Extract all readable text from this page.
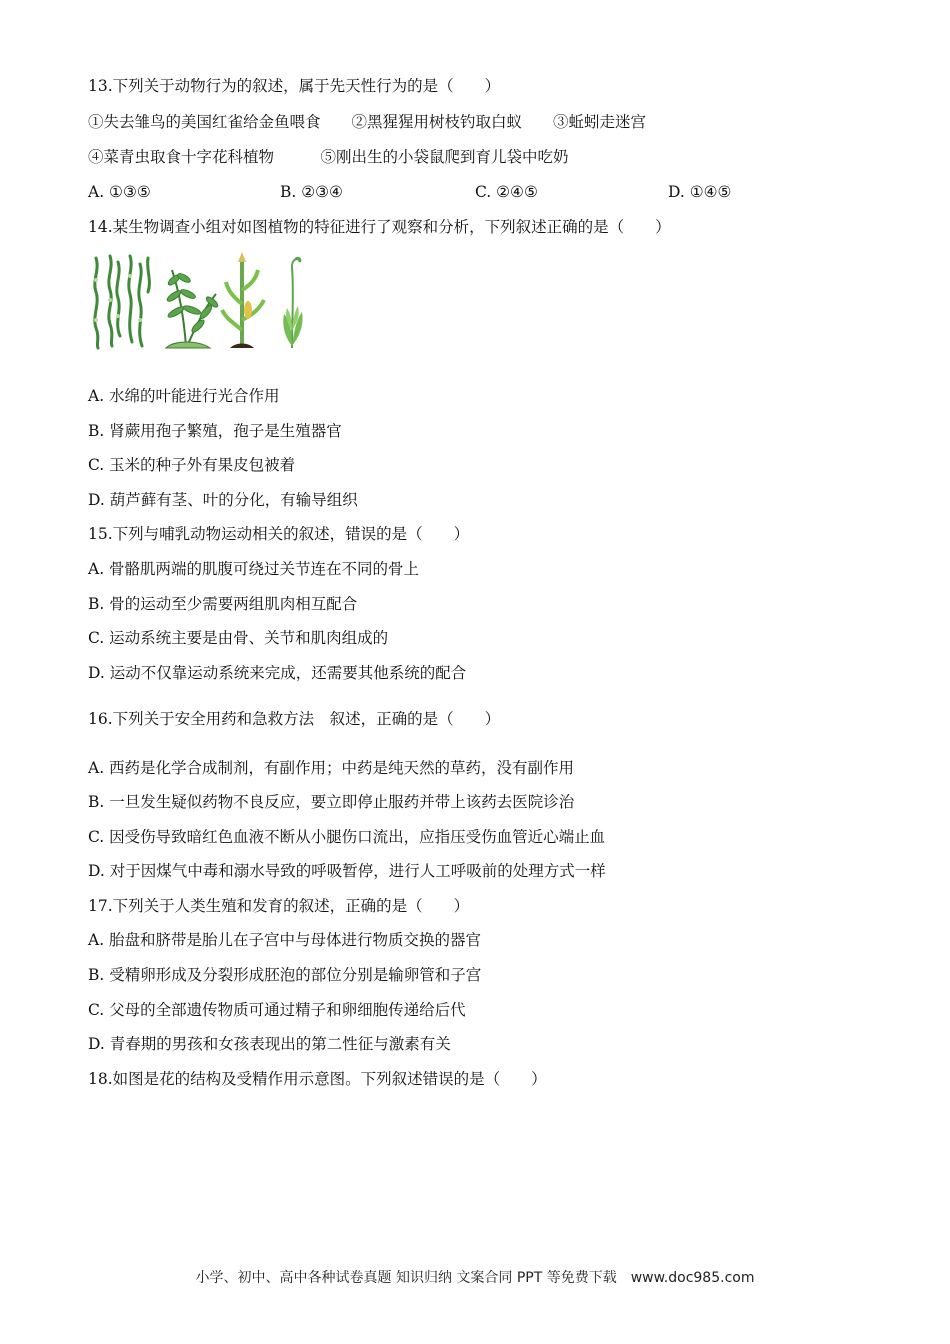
13.下列关于动物行为的叙述，属于先天性行为的是（　　）
①失去雏鸟的美国红雀给金鱼喂食　　②黑猩猩用树枝钓取白蚁　　③蚯蚓走迷宫
④菜青虫取食十字花科植物　　　⑤刚出生的小袋鼠爬到育儿袋中吃奶
A. ①③⑤	B. ②③④	C. ②④⑤	D. ①④⑤
14.某生物调查小组对如图植物的特征进行了观察和分析，下列叙述正确的是（　　）
A. 水绵的叶能进行光合作用
B. 肾蕨用孢子繁殖，孢子是生殖器官
C. 玉米的种子外有果皮包被着
D. 葫芦藓有茎、叶的分化，有输导组织
15.下列与哺乳动物运动相关的叙述，错误的是（　　）
A. 骨骼肌两端的肌腹可绕过关节连在不同的骨上
B. 骨的运动至少需要两组肌肉相互配合
C. 运动系统主要是由骨、关节和肌肉组成的
D. 运动不仅靠运动系统来完成，还需要其他系统的配合
16.下列关于安全用药和急救方法　叙述，正确的是（　　）
A. 西药是化学合成制剂，有副作用；中药是纯天然的草药，没有副作用
B. 一旦发生疑似药物不良反应，要立即停止服药并带上该药去医院诊治
C. 因受伤导致暗红色血液不断从小腿伤口流出，应指压受伤血管近心端止血
D. 对于因煤气中毒和溺水导致的呼吸暂停，进行人工呼吸前的处理方式一样
17.下列关于人类生殖和发育的叙述，正确的是（　　）
A. 胎盘和脐带是胎儿在子宫中与母体进行物质交换的器官
B. 受精卵形成及分裂形成胚泡的部位分别是输卵管和子宫
C. 父母的全部遗传物质可通过精子和卵细胞传递给后代
D. 青春期的男孩和女孩表现出的第二性征与激素有关
18.如图是花的结构及受精作用示意图。下列叙述错误的是（　　）
小学、初中、高中各种试卷真题 知识归纳 文案合同 PPT 等免费下载　www.doc985.com
